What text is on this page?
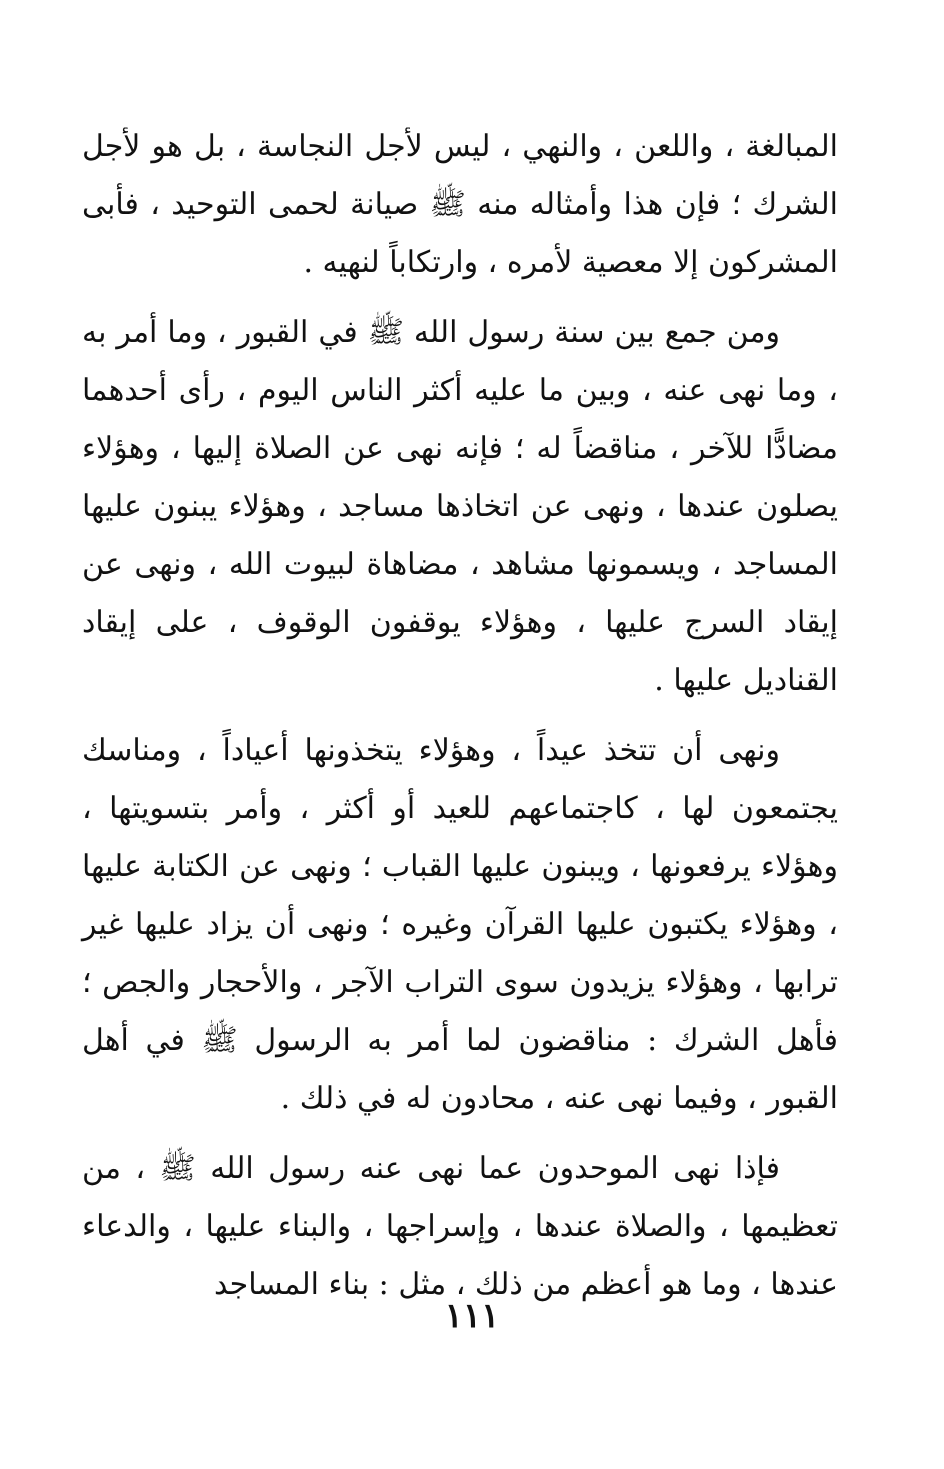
المبالغة ، واللعن ، والنهي ، ليس لأجل النجاسة ، بل هو لأجل الشرك ؛ فإن هذا وأمثاله منه ﷺ صيانة لحمى التوحيد ، فأبى المشركون إلا معصية لأمره ، وارتكاباً لنهيه .

ومن جمع بين سنة رسول الله ﷺ في القبور ، وما أمر به ، وما نهى عنه ، وبين ما عليه أكثر الناس اليوم ، رأى أحدهما مضادًّا للآخر ، مناقضاً له ؛ فإنه نهى عن الصلاة إليها ، وهؤلاء يصلون عندها ، ونهى عن اتخاذها مساجد ، وهؤلاء يبنون عليها المساجد ، ويسمونها مشاهد ، مضاهاة لبيوت الله ، ونهى عن إيقاد السرج عليها ، وهؤلاء يوقفون الوقوف ، على إيقاد القناديل عليها .

ونهى أن تتخذ عيداً ، وهؤلاء يتخذونها أعياداً ، ومناسك يجتمعون لها ، كاجتماعهم للعيد أو أكثر ، وأمر بتسويتها ، وهؤلاء يرفعونها ، ويبنون عليها القباب ؛ ونهى عن الكتابة عليها ، وهؤلاء يكتبون عليها القرآن وغيره ؛ ونهى أن يزاد عليها غير ترابها ، وهؤلاء يزيدون سوى التراب الآجر ، والأحجار والجص ؛ فأهل الشرك : مناقضون لما أمر به الرسول ﷺ في أهل القبور ، وفيما نهى عنه ، محادون له في ذلك .

فإذا نهى الموحدون عما نهى عنه رسول الله ﷺ ، من تعظيمها ، والصلاة عندها ، وإسراجها ، والبناء عليها ، والدعاء عندها ، وما هو أعظم من ذلك ، مثل : بناء المساجد

١١١
